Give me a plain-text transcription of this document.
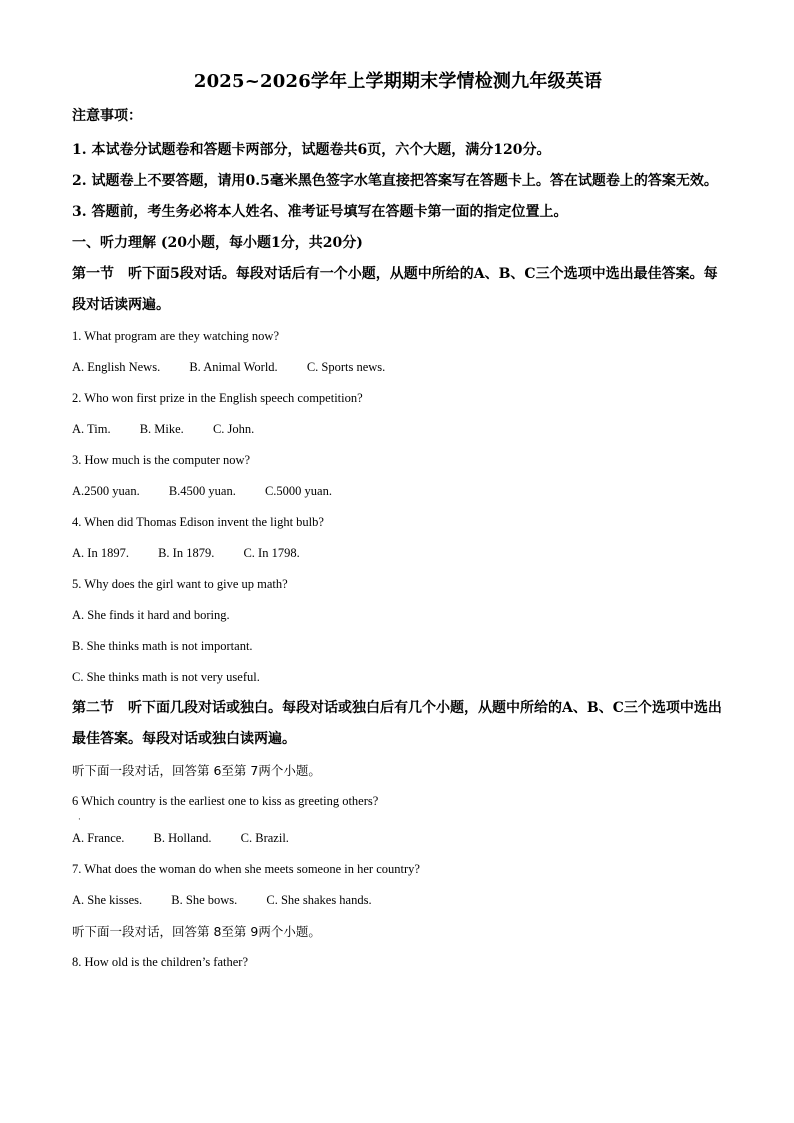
2025~2026学年上学期期末学情检测九年级英语
注意事项：
1. 本试卷分试题卷和答题卡两部分，试题卷共6页，六个大题，满分120分。
2. 试题卷上不要答题，请用0.5毫米黑色签字水笔直接把答案写在答题卡上。答在试题卷上的答案无效。
3. 答题前，考生务必将本人姓名、准考证号填写在答题卡第一面的指定位置上。
一、听力理解 (20小题，每小题1分，共20分)
第一节　听下面5段对话。每段对话后有一个小题，从题中所给的A、B、C三个选项中选出最佳答案。每段对话读两遍。
1. What program are they watching now?
A. English News. B. Animal World. C. Sports news.
2. Who won first prize in the English speech competition?
A. Tim. B. Mike. C. John.
3. How much is the computer now?
A.2500 yuan. B.4500 yuan. C.5000 yuan.
4. When did Thomas Edison invent the light bulb?
A. In 1897. B. In 1879. C. In 1798.
5. Why does the girl want to give up math?
A. She finds it hard and boring.
B. She thinks math is not important.
C. She thinks math is not very useful.
第二节　听下面几段对话或独白。每段对话或独白后有几个小题，从题中所给的A、B、C三个选项中选出最佳答案。每段对话或独白读两遍。
听下面一段对话，回答第 6至第 7两个小题。
6 Which country is the earliest one to kiss as greeting others?
·
A. France. B. Holland. C. Brazil.
7. What does the woman do when she meets someone in her country?
A. She kisses. B. She bows. C. She shakes hands.
听下面一段对话，回答第 8至第 9两个小题。
8. How old is the children’s father?
